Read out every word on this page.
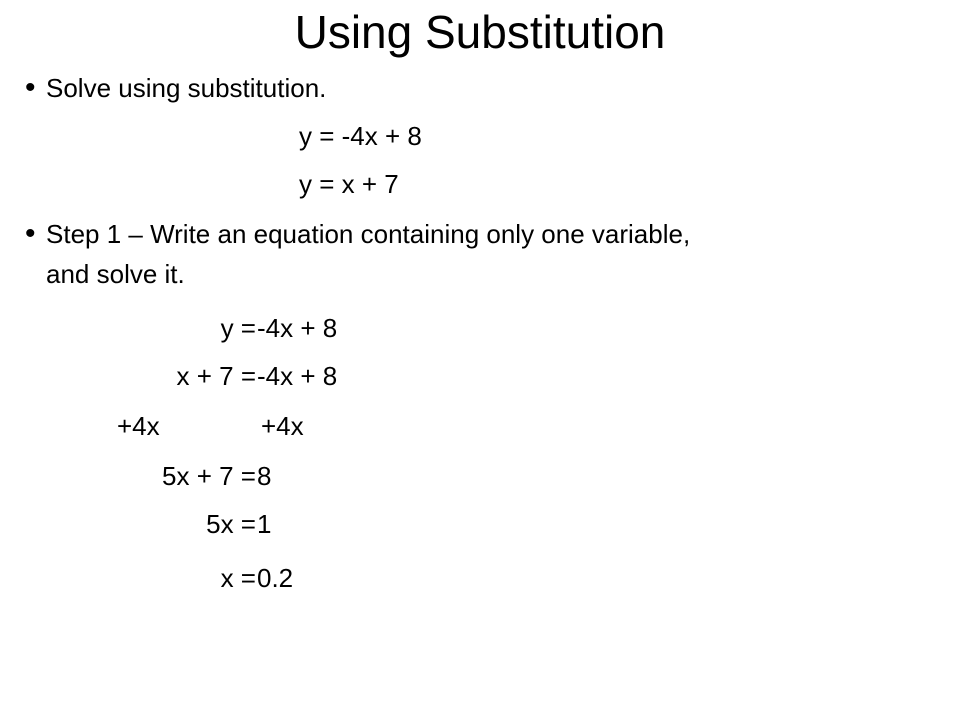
Using Substitution
• Solve using substitution.
y = -4x + 8
y = x + 7
• Step 1 – Write an equation containing only one variable,
and solve it.
y = -4x + 8
x + 7 = -4x + 8
+4x	+4x
5x + 7 = 8
5x = 1
x = 0.2
